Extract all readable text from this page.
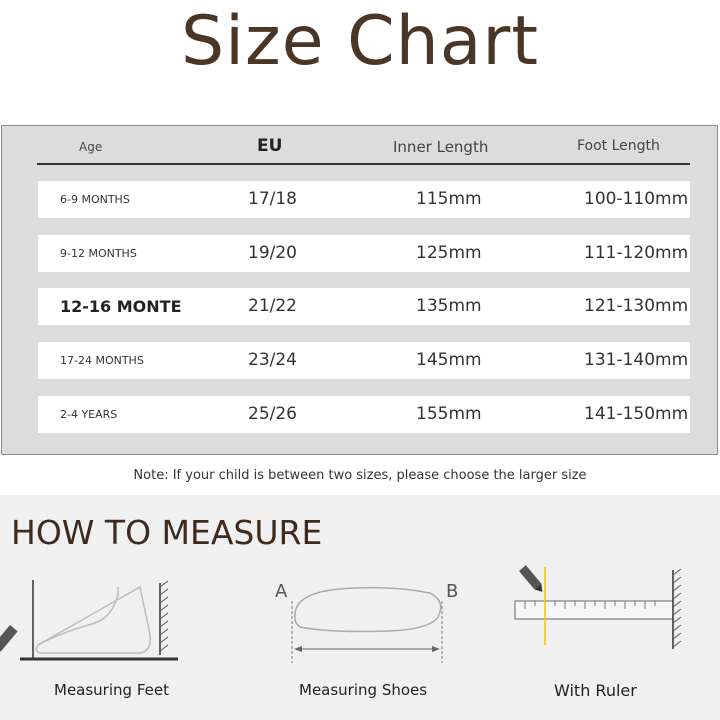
Size Chart
Age	EU	Inner Length	Foot Length
6-9 MONTHS	17/18	115mm	100-110mm
9-12 MONTHS	19/20	125mm	111-120mm
12-16 MONTE	21/22	135mm	121-130mm
17-24 MONTHS	23/24	145mm	131-140mm
2-4 YEARS	25/26	155mm	141-150mm
Note: If your child is between two sizes, please choose the larger size
HOW TO MEASURE
Measuring Feet
A	B
Measuring Shoes	With Ruler
